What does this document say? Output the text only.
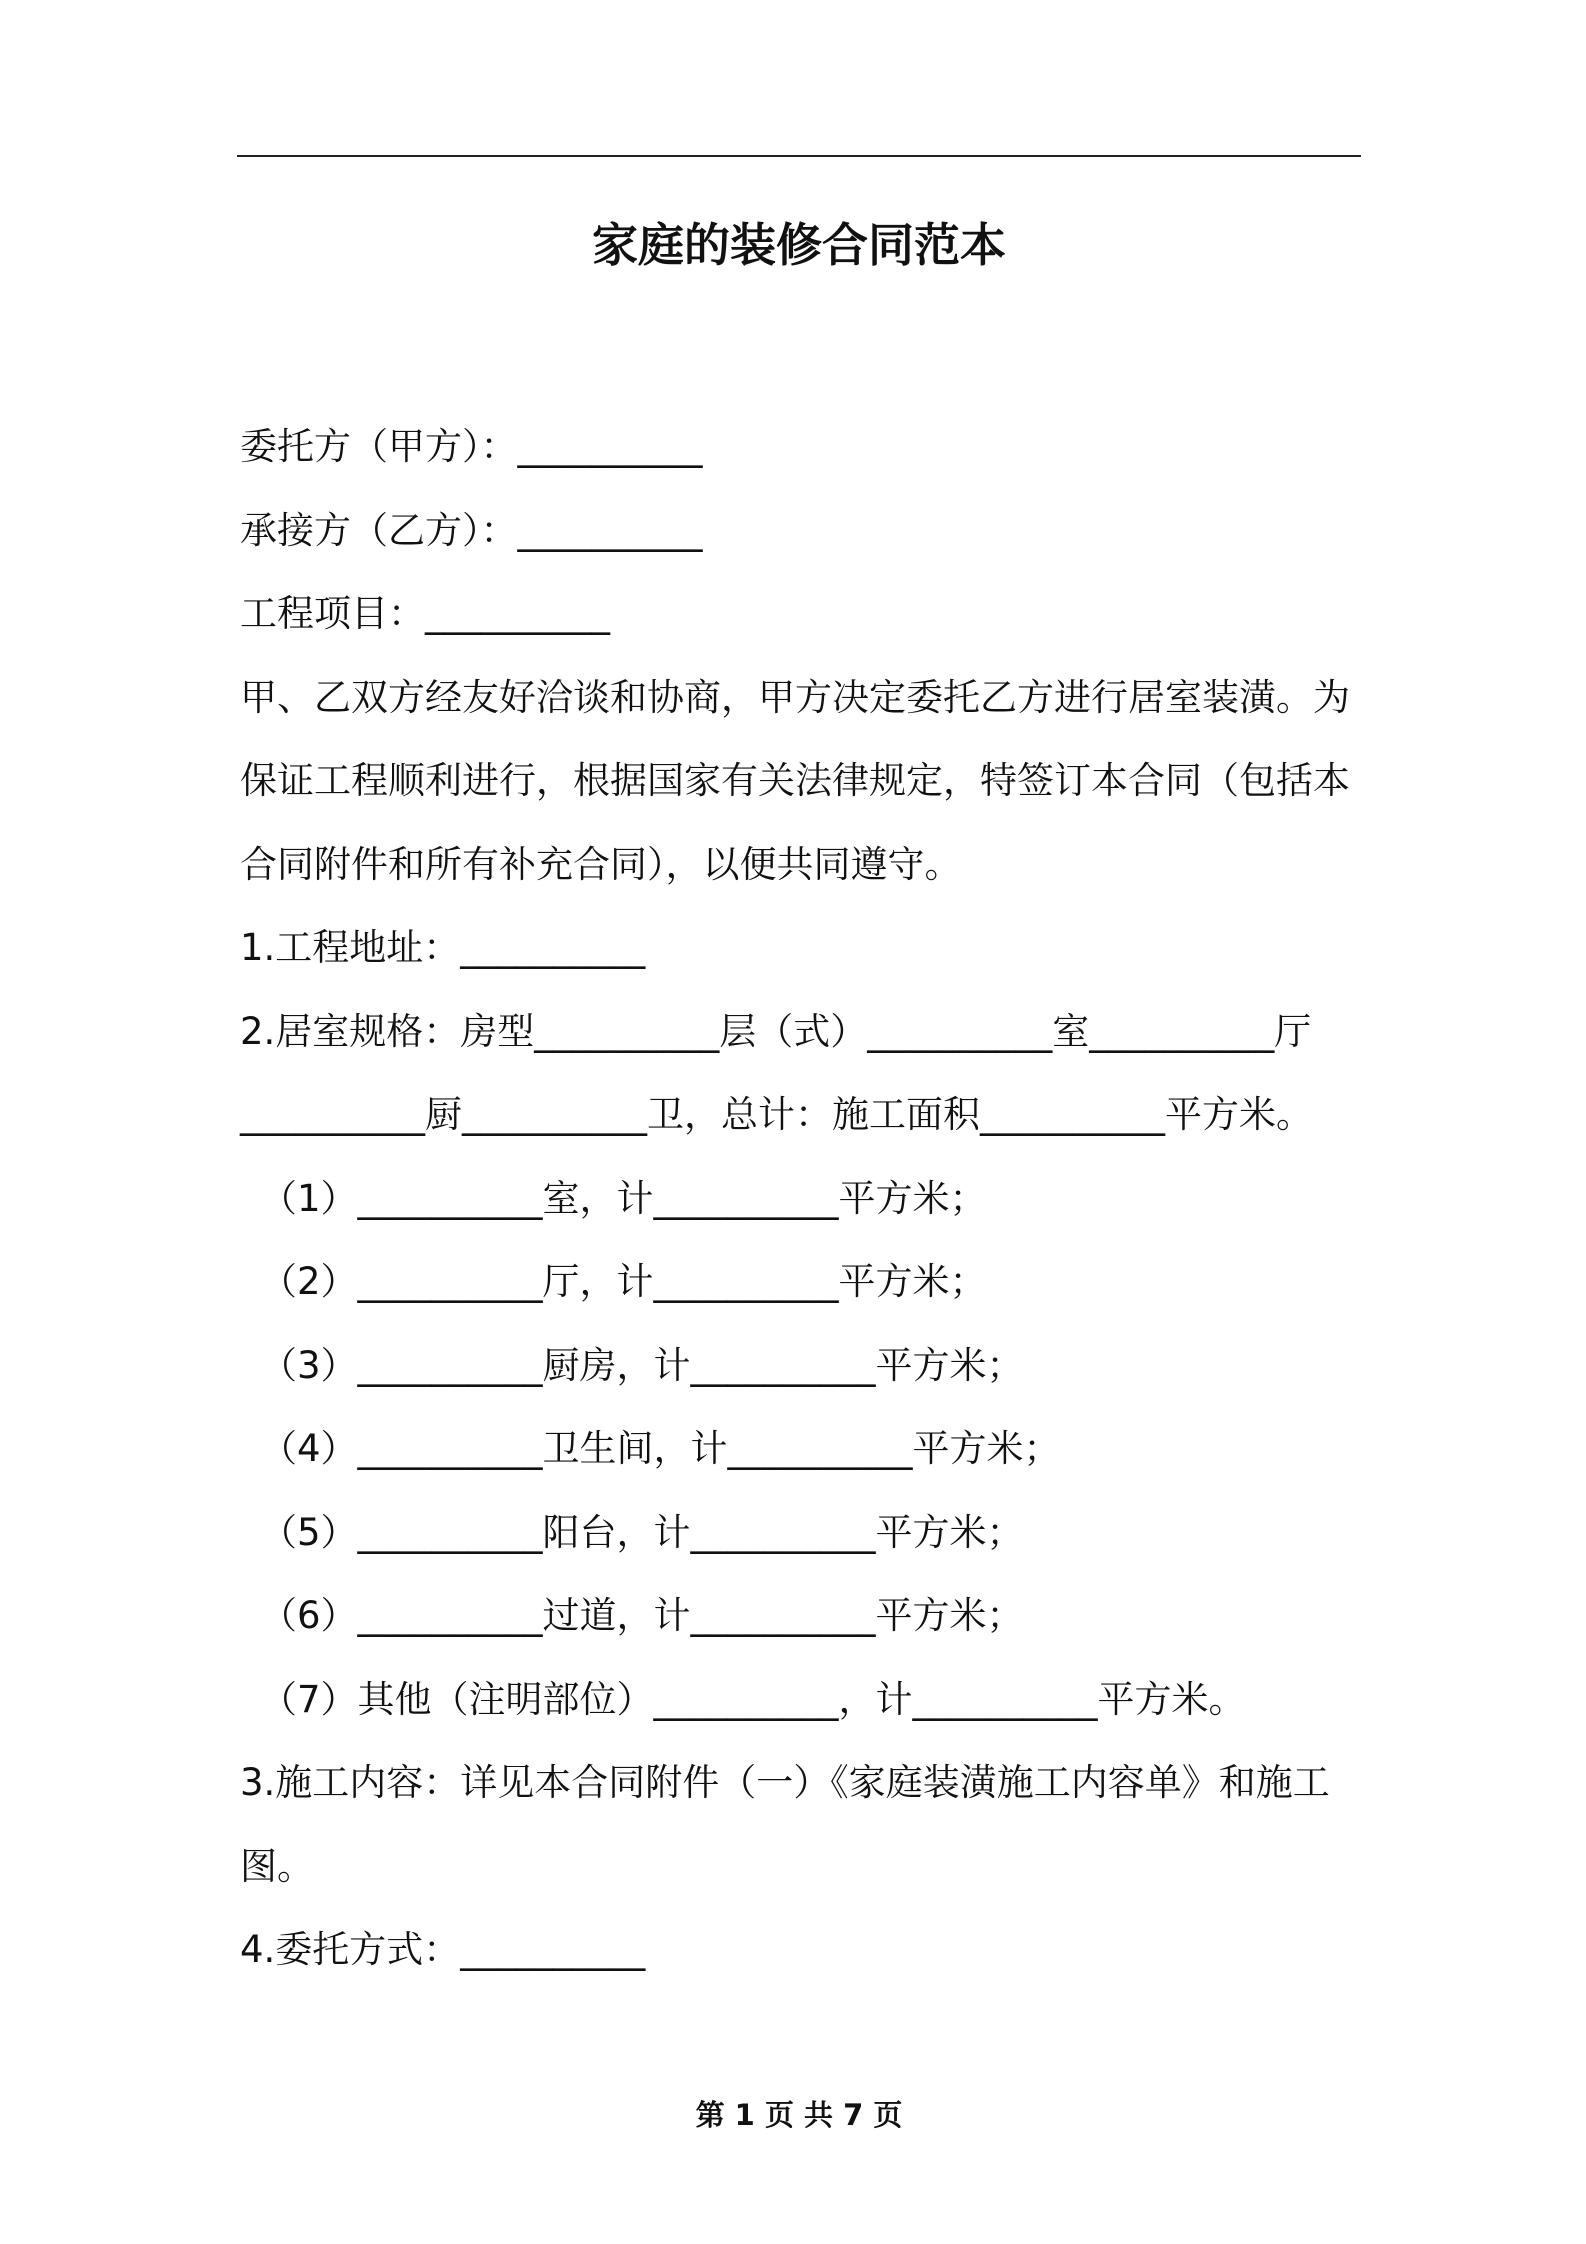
家庭的装修合同范本

委托方（甲方）：__________

承接方（乙方）：__________

工程项目：__________

甲、乙双方经友好洽谈和协商，甲方决定委托乙方进行居室装潢。为

保证工程顺利进行，根据国家有关法律规定，特签订本合同（包括本

合同附件和所有补充合同），以便共同遵守。

1.工程地址：__________

2.居室规格：房型__________层（式）__________室__________厅

__________厨__________卫，总计：施工面积__________平方米。

（1）__________室，计__________平方米；

（2）__________厅，计__________平方米；

（3）__________厨房，计__________平方米；

（4）__________卫生间，计__________平方米；

（5）__________阳台，计__________平方米；

（6）__________过道，计__________平方米；

（7）其他（注明部位）__________，计__________平方米。

3.施工内容：详见本合同附件（一）《家庭装潢施工内容单》和施工

图。

4.委托方式：__________

第 1 页 共 7 页
